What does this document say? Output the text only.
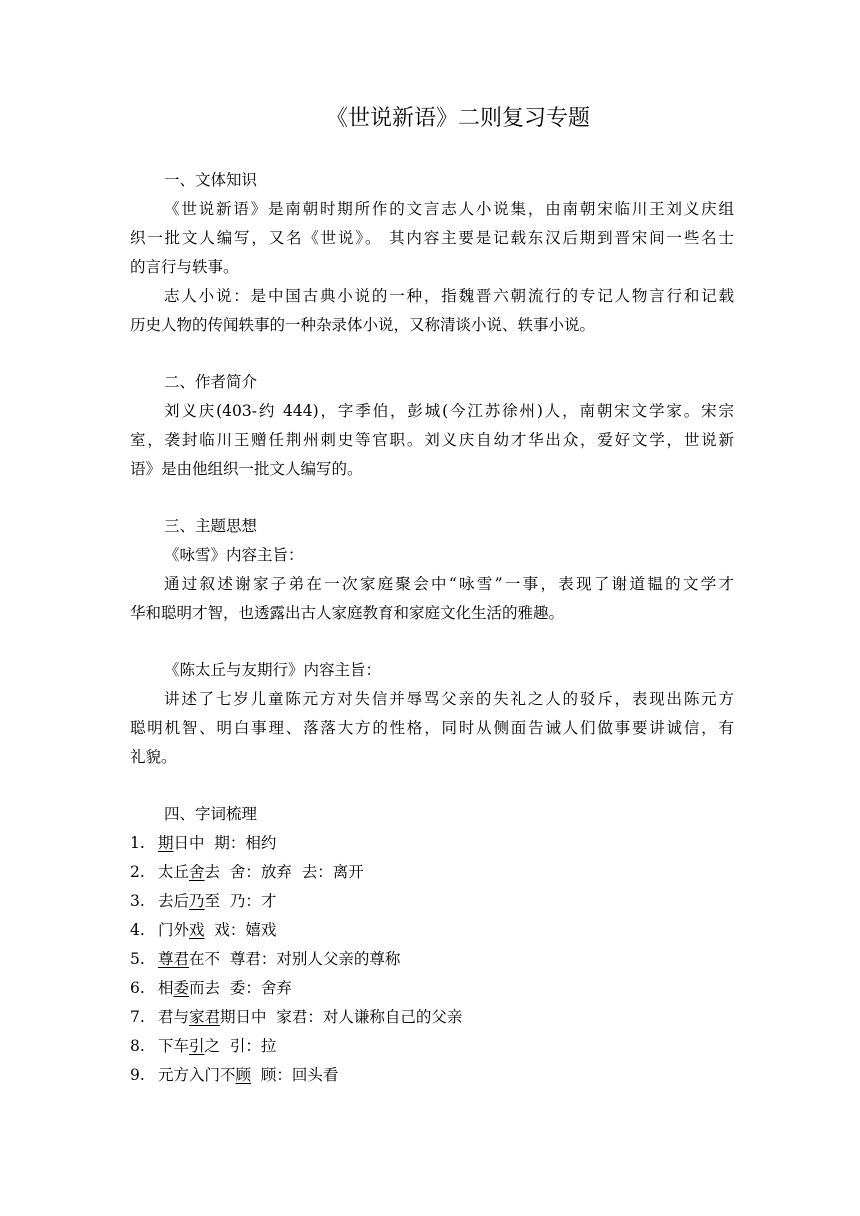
《世说新语》二则复习专题
一、文体知识
《世说新语》是南朝时期所作的文言志人小说集，由南朝宋临川王刘义庆组
织一批文人编写，又名《世说》。 其内容主要是记载东汉后期到晋宋间一些名士
的言行与轶事。
志人小说：是中国古典小说的一种，指魏晋六朝流行的专记人物言行和记载
历史人物的传闻轶事的一种杂录体小说，又称清谈小说、轶事小说。
二、作者简介
刘义庆(403-约 444)，字季伯，彭城(今江苏徐州)人，南朝宋文学家。宋宗
室，袭封临川王赠任荆州刺史等官职。刘义庆自幼才华出众，爱好文学，世说新
语》是由他组织一批文人编写的。
三、主题思想
《咏雪》内容主旨：
通过叙述谢家子弟在一次家庭聚会中“咏雪”一事，表现了谢道韫的文学才
华和聪明才智，也透露出古人家庭教育和家庭文化生活的雅趣。
《陈太丘与友期行》内容主旨：
讲述了七岁儿童陈元方对失信并辱骂父亲的失礼之人的驳斥，表现出陈元方
聪明机智、明白事理、落落大方的性格，同时从侧面告诫人们做事要讲诚信，有
礼貌。
四、字词梳理
1. 期日中 期：相约
2. 太丘舍去 舍：放弃  去：离开
3. 去后乃至 乃：才
4. 门外戏 戏：嬉戏
5. 尊君在不 尊君：对别人父亲的尊称
6. 相委而去 委：舍弃
7. 君与家君期日中 家君：对人谦称自己的父亲
8. 下车引之 引：拉
9. 元方入门不顾 顾：回头看
